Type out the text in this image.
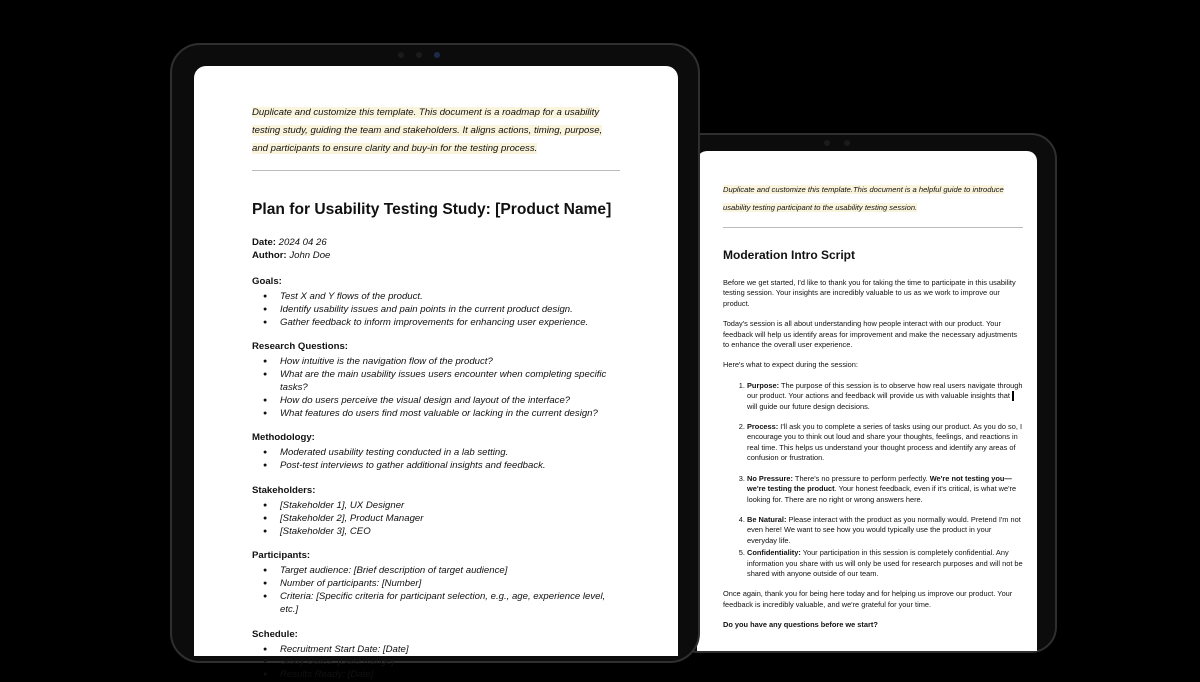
Duplicate and customize this template.This document is a helpful guide to introduce usability testing participant to the usability testing session.
Moderation Intro Script

Before we get started, I'd like to thank you for taking the time to participate in this usability testing session. Your insights are incredibly valuable to us as we work to improve our product.

Today's session is all about understanding how people interact with our product. Your feedback will help us identify areas for improvement and make the necessary adjustments to enhance the overall user experience.

Here's what to expect during the session:

1. Purpose: The purpose of this session is to observe how real users navigate through our product. Your actions and feedback will provide us with valuable insights that  will guide our future design decisions.
2. Process: I'll ask you to complete a series of tasks using our product. As you do so, I encourage you to think out loud and share your thoughts, feelings, and reactions in real time. This helps us understand your thought process and identify any areas of confusion or frustration.
3. No Pressure: There's no pressure to perform perfectly. We're not testing you—we're testing the product. Your honest feedback, even if it's critical, is what we're looking for. There are no right or wrong answers here.
4. Be Natural: Please interact with the product as you normally would. Pretend I'm not even here! We want to see how you would typically use the product in your everyday life.
5. Confidentiality: Your participation in this session is completely confidential. Any information you share with us will only be used for research purposes and will not be shared with anyone outside of our team.

Once again, thank you for being here today and for helping us improve our product. Your feedback is incredibly valuable, and we're grateful for your time.

Do you have any questions before we start?

Duplicate and customize this template. This document is a roadmap for a usability testing study, guiding the team and stakeholders. It aligns actions, timing, purpose, and participants to ensure clarity and buy-in for the testing process.
Plan for Usability Testing Study: [Product Name]
Date: 2024 04 26
Author: John Doe
Goals:
● Test X and Y flows of the product.
● Identify usability issues and pain points in the current product design.
● Gather feedback to inform improvements for enhancing user experience.
Research Questions:
● How intuitive is the navigation flow of the product?
● What are the main usability issues users encounter when completing specific tasks?
● How do users perceive the visual design and layout of the interface?
● What features do users find most valuable or lacking in the current design?
Methodology:
● Moderated usability testing conducted in a lab setting.
● Post-test interviews to gather additional insights and feedback.
Stakeholders:
● [Stakeholder 1], UX Designer
● [Stakeholder 2], Product Manager
● [Stakeholder 3], CEO
Participants:
● Target audience: [Brief description of target audience]
● Number of participants: [Number]
● Criteria: [Specific criteria for participant selection, e.g., age, experience level, etc.]
Schedule:
● Recruitment Start Date: [Date]
● Study Dates: [Date Range]
● Results Ready: [Date]
